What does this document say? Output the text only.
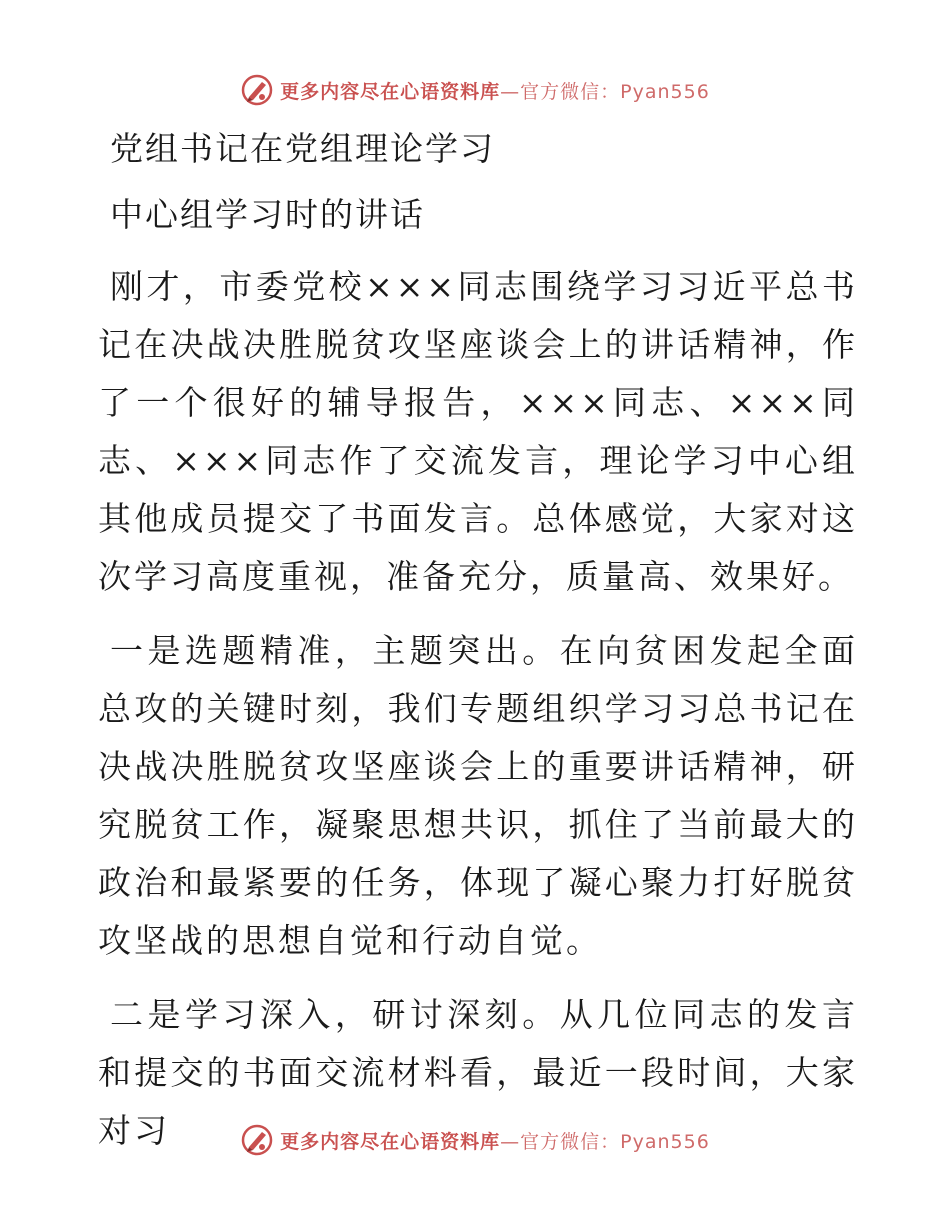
更多内容尽在心语资料库—官方微信：Pyan556
党组书记在党组理论学习
中心组学习时的讲话

刚才，市委党校×××同志围绕学习习近平总书记在决战决胜脱贫攻坚座谈会上的讲话精神，作了一个很好的辅导报告，×××同志、×××同志、×××同志作了交流发言，理论学习中心组其他成员提交了书面发言。总体感觉，大家对这次学习高度重视，准备充分，质量高、效果好。

一是选题精准，主题突出。在向贫困发起全面总攻的关键时刻，我们专题组织学习习总书记在决战决胜脱贫攻坚座谈会上的重要讲话精神，研究脱贫工作，凝聚思想共识，抓住了当前最大的政治和最紧要的任务，体现了凝心聚力打好脱贫攻坚战的思想自觉和行动自觉。

二是学习深入，研讨深刻。从几位同志的发言和提交的书面交流材料看，最近一段时间，大家对习	更多内容尽在心语资料库—官方微信：Pyan556
